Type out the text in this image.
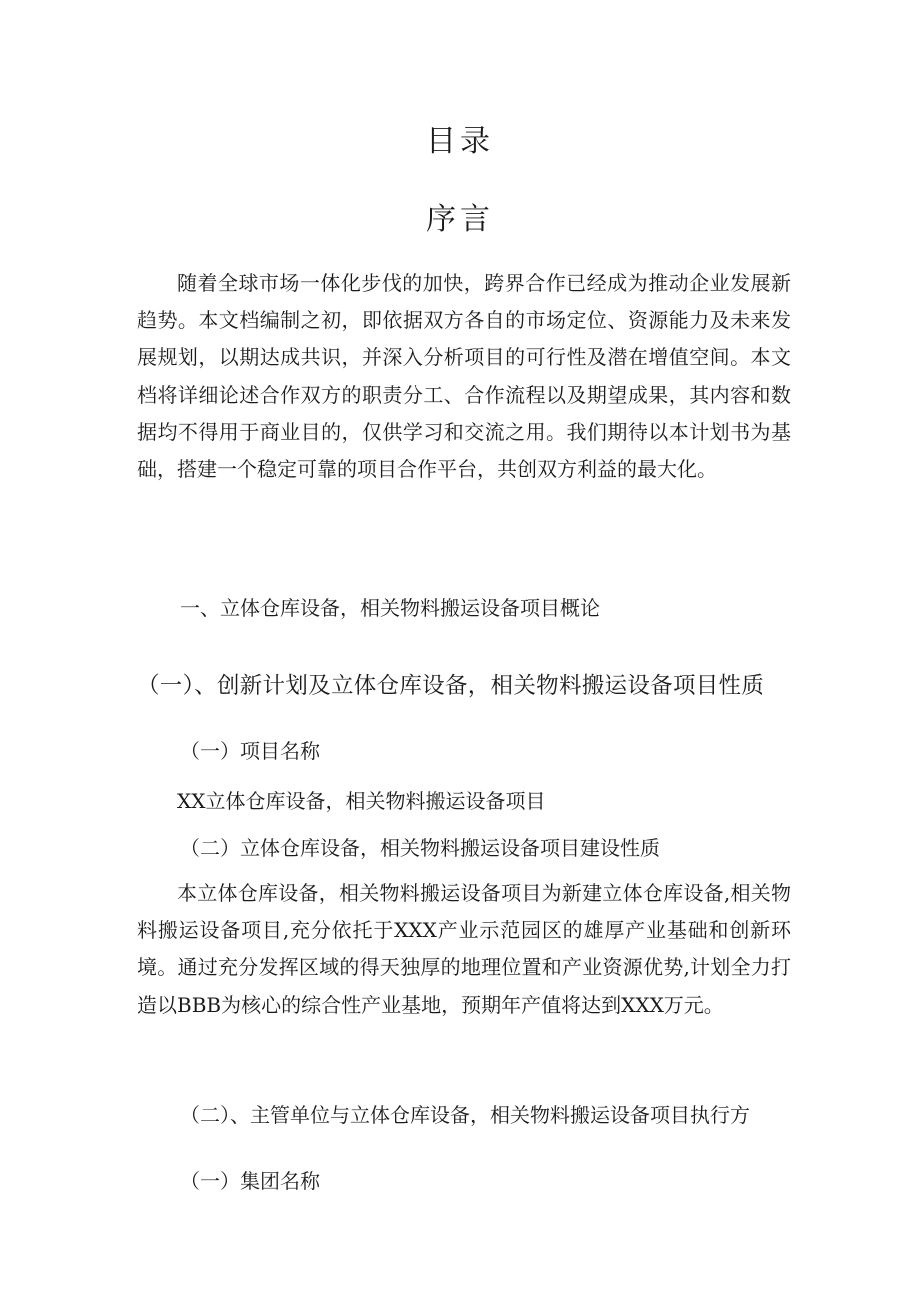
目录
序言

随着全球市场一体化步伐的加快，跨界合作已经成为推动企业发展新趋势。本文档编制之初，即依据双方各自的市场定位、资源能力及未来发展规划，以期达成共识，并深入分析项目的可行性及潜在增值空间。本文档将详细论述合作双方的职责分工、合作流程以及期望成果，其内容和数据均不得用于商业目的，仅供学习和交流之用。我们期待以本计划书为基础，搭建一个稳定可靠的项目合作平台，共创双方利益的最大化。

一、立体仓库设备，相关物料搬运设备项目概论

（一）、创新计划及立体仓库设备，相关物料搬运设备项目性质

（一）项目名称

XX立体仓库设备，相关物料搬运设备项目

（二）立体仓库设备，相关物料搬运设备项目建设性质

本立体仓库设备，相关物料搬运设备项目为新建立体仓库设备,相关物料搬运设备项目,充分依托于XXX产业示范园区的雄厚产业基础和创新环境。通过充分发挥区域的得天独厚的地理位置和产业资源优势,计划全力打造以BBB为核心的综合性产业基地，预期年产值将达到XXX万元。

（二）、主管单位与立体仓库设备，相关物料搬运设备项目执行方

（一）集团名称
